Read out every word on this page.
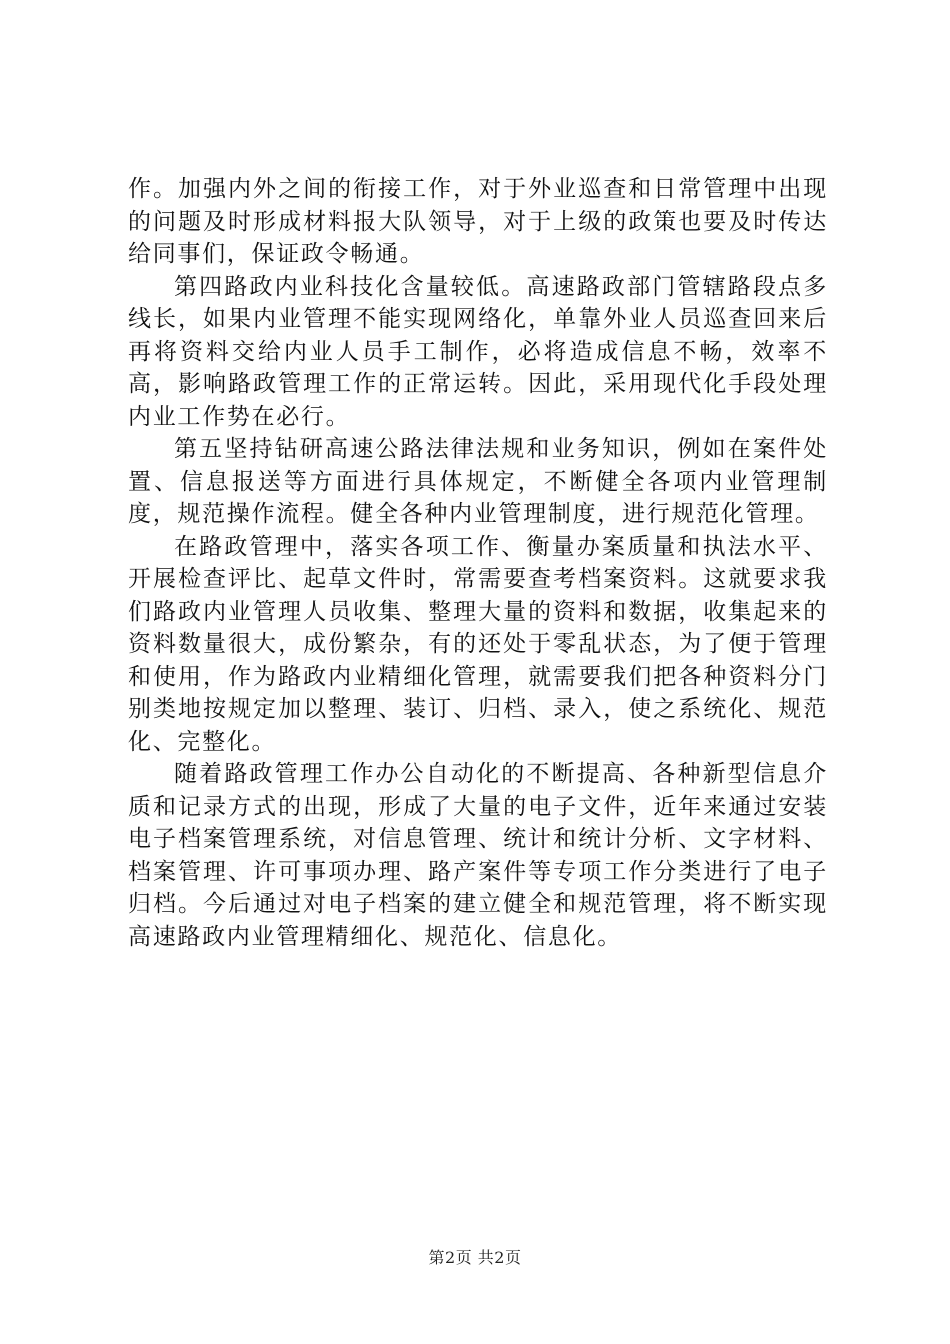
作。加强内外之间的衔接工作，对于外业巡查和日常管理中出现的问题及时形成材料报大队领导，对于上级的政策也要及时传达给同事们，保证政令畅通。

第四路政内业科技化含量较低。高速路政部门管辖路段点多线长，如果内业管理不能实现网络化，单靠外业人员巡查回来后再将资料交给内业人员手工制作，必将造成信息不畅，效率不高，影响路政管理工作的正常运转。因此，采用现代化手段处理内业工作势在必行。

第五坚持钻研高速公路法律法规和业务知识，例如在案件处置、信息报送等方面进行具体规定，不断健全各项内业管理制度，规范操作流程。健全各种内业管理制度，进行规范化管理。

在路政管理中，落实各项工作、衡量办案质量和执法水平、开展检查评比、起草文件时，常需要查考档案资料。这就要求我们路政内业管理人员收集、整理大量的资料和数据，收集起来的资料数量很大，成份繁杂，有的还处于零乱状态，为了便于管理和使用，作为路政内业精细化管理，就需要我们把各种资料分门别类地按规定加以整理、装订、归档、录入，使之系统化、规范化、完整化。

随着路政管理工作办公自动化的不断提高、各种新型信息介质和记录方式的出现，形成了大量的电子文件，近年来通过安装电子档案管理系统，对信息管理、统计和统计分析、文字材料、档案管理、许可事项办理、路产案件等专项工作分类进行了电子归档。今后通过对电子档案的建立健全和规范管理，将不断实现高速路政内业管理精细化、规范化、信息化。

第2页 共2页
